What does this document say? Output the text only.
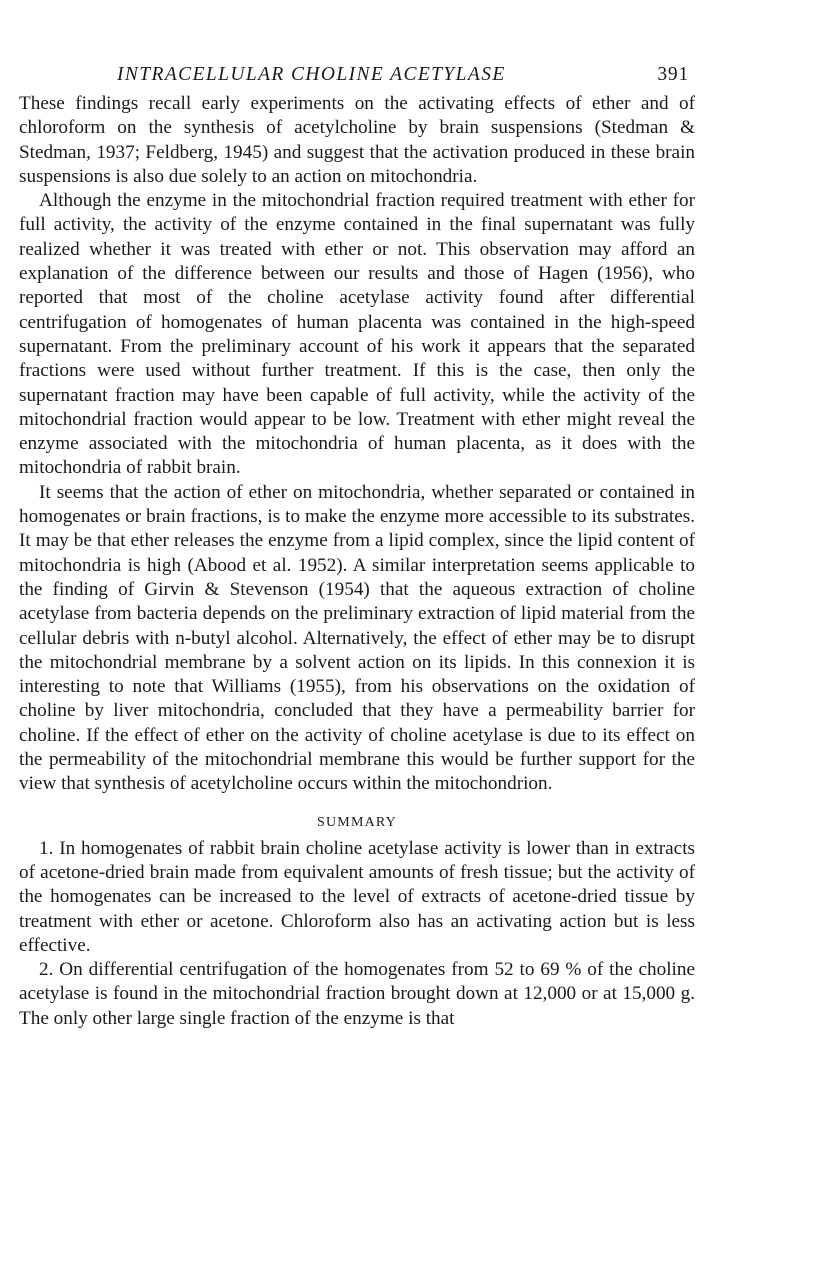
INTRACELLULAR CHOLINE ACETYLASE	391

These findings recall early experiments on the activating effects of ether and of chloroform on the synthesis of acetylcholine by brain suspensions (Stedman & Stedman, 1937; Feldberg, 1945) and suggest that the activation produced in these brain suspensions is also due solely to an action on mitochondria.

Although the enzyme in the mitochondrial fraction required treatment with ether for full activity, the activity of the enzyme contained in the final supernatant was fully realized whether it was treated with ether or not. This observation may afford an explanation of the difference between our results and those of Hagen (1956), who reported that most of the choline acetylase activity found after differential centrifugation of homogenates of human placenta was contained in the high-speed supernatant. From the preliminary account of his work it appears that the separated fractions were used without further treatment. If this is the case, then only the supernatant fraction may have been capable of full activity, while the activity of the mitochondrial fraction would appear to be low. Treatment with ether might reveal the enzyme associated with the mitochondria of human placenta, as it does with the mitochondria of rabbit brain.

It seems that the action of ether on mitochondria, whether separated or contained in homogenates or brain fractions, is to make the enzyme more accessible to its substrates. It may be that ether releases the enzyme from a lipid complex, since the lipid content of mitochondria is high (Abood et al. 1952). A similar interpretation seems applicable to the finding of Girvin & Stevenson (1954) that the aqueous extraction of choline acetylase from bacteria depends on the preliminary extraction of lipid material from the cellular debris with n-butyl alcohol. Alternatively, the effect of ether may be to disrupt the mitochondrial membrane by a solvent action on its lipids. In this connexion it is interesting to note that Williams (1955), from his observations on the oxidation of choline by liver mitochondria, concluded that they have a permeability barrier for choline. If the effect of ether on the activity of choline acetylase is due to its effect on the permeability of the mitochondrial membrane this would be further support for the view that synthesis of acetylcholine occurs within the mitochondrion.

SUMMARY

1. In homogenates of rabbit brain choline acetylase activity is lower than in extracts of acetone-dried brain made from equivalent amounts of fresh tissue; but the activity of the homogenates can be increased to the level of extracts of acetone-dried tissue by treatment with ether or acetone. Chloroform also has an activating action but is less effective.

2. On differential centrifugation of the homogenates from 52 to 69 % of the choline acetylase is found in the mitochondrial fraction brought down at 12,000 or at 15,000 g. The only other large single fraction of the enzyme is that
